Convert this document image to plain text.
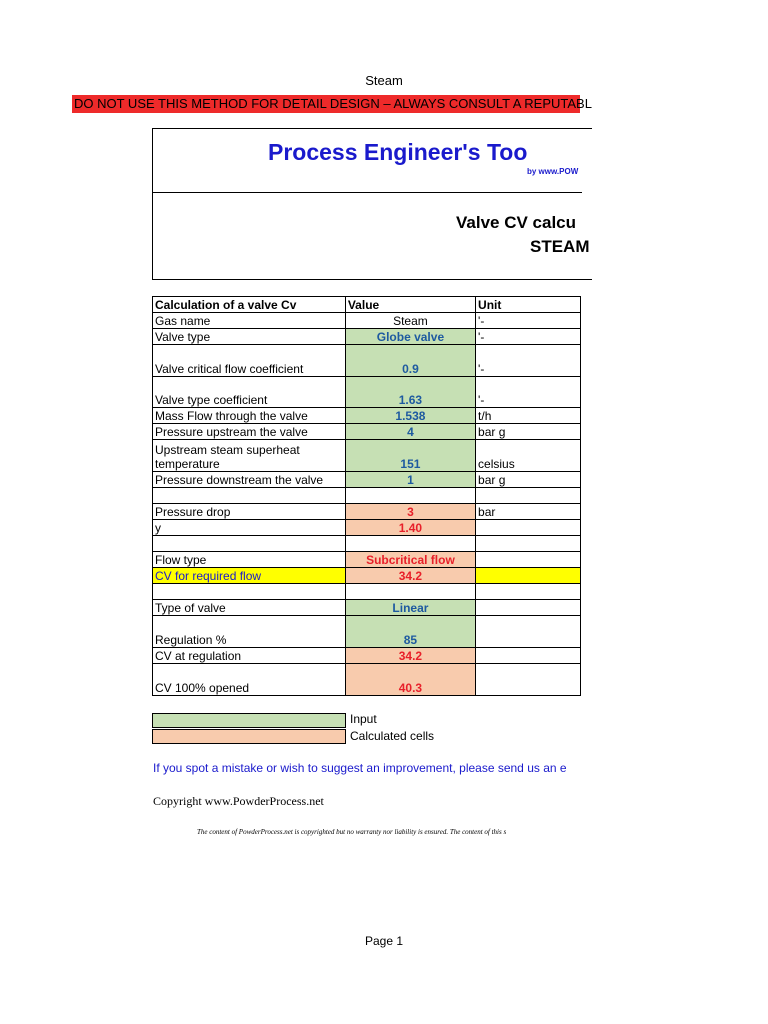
Steam
DO NOT USE THIS METHOD FOR DETAIL DESIGN – ALWAYS CONSULT A REPUTABL
Process Engineer's Too
by www.POW
Valve CV calcu
STEAM
Calculation of a valve Cv	Value	Unit
Gas name	Steam	'-
Valve type	Globe valve	'-
Valve critical flow coefficient	0.9	'-
Valve type coefficient	1.63	'-
Mass Flow through the valve	1.538	t/h
Pressure upstream the valve	4	bar g

Upstream steam superheat
temperature	151	celsius
Pressure downstream the valve	1	bar g

Pressure drop	3	bar
y	1.40	

Flow type	Subcritical flow	
CV for required flow	34.2	

Type of valve	Linear	
Regulation %	85	
CV at regulation	34.2	
CV 100% opened	40.3	
Input
Calculated cells
If you spot a mistake or wish to suggest an improvement, please send us an e
Copyright www.PowderProcess.net
The content of PowderProcess.net is copyrighted but no warranty nor liability is ensured. The content of this s
Page 1
